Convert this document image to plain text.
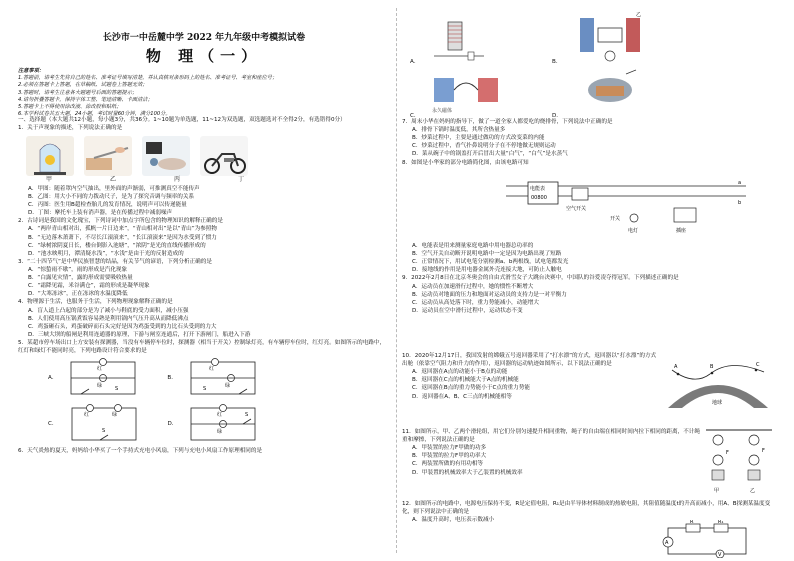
长沙市一中岳麓中学 2022 年九年级中考模拟试卷
物 理（一）

注意事项：

1.答题前，请考生先将自己的姓名、准考证号填写清楚，并认真核对条形码上的姓名、准考证号、考室和座位号；

2.必须在答题卡上答题，在草稿纸、试题卷上答题无效；

3.答题时，请考生注意各大题题号后面的答题提示；

4.请勿折叠答题卡，保持字体工整、笔迹清晰、卡面清洁；

5.答题卡上不得使用涂改液、涂改胶和贴纸；

6.本学科试卷共五大题，24小题，考试时量60分钟，满分100分。

一、选择题（本大题共12小题，每小题3分，共36分。1~10题为单选题，11~12为双选题，双选题选对不全得2分，有选错得0分）

1．关于声现象的描述，下列说法正确的是

甲	乙	丙	丁

A．甲图：随着罩内空气抽出，里外面的声渐弱，可推测真空不能传声

B．乙图：用大小不同的力拨动尺子，是为了探究音调与频率的关系

C．丙图：医生用B超检查胎儿的发育情况，说明声可以传递能量

D．丁图：摩托车上装有消声器，是在传播过程中减弱噪声

2．古诗词是我国的文化瑰宝，下列诗词中加点字所包含的物理知识的解释正确的是

A．“两岸青山相对出，孤帆一片日边来”，“青山相对出”是以“青山”为参照物

B．“无边落木萧萧下，不尽长江滚滚来”，“长江滚滚来”是因为水受到了惯力

C．“绿树浓阴夏日长，楼台倒影入池塘”，“浓阴”是光的直线传播形成的

D．“池水映明月，潭清疑水浅”，“水浅”是由于光的反射造成的

3．“二十四节气”是中华民族智慧的结晶，有关节气的谚语，下列分析正确的是

A．“惊蛰雨不歇”，雨的形成是汽化现象

B．“白露见灾情”，露的形成需要吸收热量

C．“霜降见霜，米谷满仓”，霜的形成是凝华现象

D．“大寒冻冰”，正在冻冰的水温度降低

4．物理源于生活，也服务于生活，下列物理现象解释正确的是

A．盲人道上凸起的部分是为了减小与鞋底的受力面积，减小压强

B．人们使用高压锅煮饭容易熟是利用锅内气压升高从而降低沸点

C．鸡蛋砸石头，鸡蛋破碎而石头完好是因为鸡蛋受到的力比石头受到的力大

D．三峡大坝的船闸是利用连通器的原理，下游与闸室连通后，打开下游闸门，船进入下游

5．某超市停车场出口上方安装有探测器，当没有车辆停车位时，探测器（相当于开关）控制绿灯亮，有车辆停车位时，红灯亮。如图所示的电路中，红灯和绿灯不能同时亮，下列电路设计符合要求的是

A．
红
绿	S
B．
红
绿
S
C．
红	绿
S
D．
红
绿
S

6．天气炎热的夏天，妈妈给小华买了一个手持式充电小风扇，下列与充电小风扇工作原理相同的是

A．	B．
乙
C．
永久磁体
D．

7．周末小华在妈妈的指导下，做了一道全家人都爱吃的烧排骨，下列说法中正确的是

A．排骨下锅时温度低，其所含热量多

B．炒菜过程中，主要是通过做功的方式改变菜的内能

C．炒菜过程中，香气扑鼻说明分子在不停地做无规则运动

D．菜从碗子中的锅盖打开后冒出大量“白气”，“白气”是水蒸气

8．如图是小华家的部分电路简化图，由该电路可知

电能表
00800
空气开关
开关
电灯	插座
a
b

A．电能表是用来测量家庭电路中用电器总功率的

B．空气开关自动断开说明电路中一定是因为电路出现了短路

C．正常情况下，用试电笔分别检测a、b两根线，试电笔都发光

D．接地线的作用是用电器金属外壳连接大地，可防止人触电

9．2022年2月8日在北京冬奥会的自由式滑雪女子大跳台决赛中，中国队的谷爱凌夺得冠军。下列描述正确的是

A．运动员在加速滑行过程中，她的惯性不断增大

B．运动员对地面的压力和地面对运动员的支持力是一对平衡力

C．运动员从高处落下时，重力势能减小，动能增大

D．运动员在空中滑行过程中，运动状态不变

10．2020年12月17日，我国发射的嫦娥五号返回器采用了“打水漂”的方式，返回器以“打水漂”的方式出舱（依靠空气阻力和升力的作用），返回器的运动轨迹如图所示，以下说法正确的是

A．返回器在A点的动能小于B点的动能

B．返回器在C点的机械能大于A点的机械能

C．返回器在B点的重力势能小于C点的重力势能

D．返回器在A、B、C三点的机械能相等

A	B	C
地球

11．如图所示，甲、乙两个滑轮组，用它们分别匀速提升相同重物，绳子的自由端在相同时间内拉下相同的距离，不计绳重和摩擦，下列说法正确的是

A．甲装置的拉力F甲做的功多

B．甲装置的拉力F甲的功率大

C．两装置所做的有用功相等

D．甲装置的机械效率大于乙装置的机械效率

F	F
甲	乙

12．如图所示的电路中，电源电压保持不变，R是定值电阻，R₁是由半导体材料制成的热敏电阻，其阻值随温度t的升高而减小，用A、B探测某温度变化，则下列说法中正确的是

A．温度升高时，电压表示数减小	R	R₁
A
V
